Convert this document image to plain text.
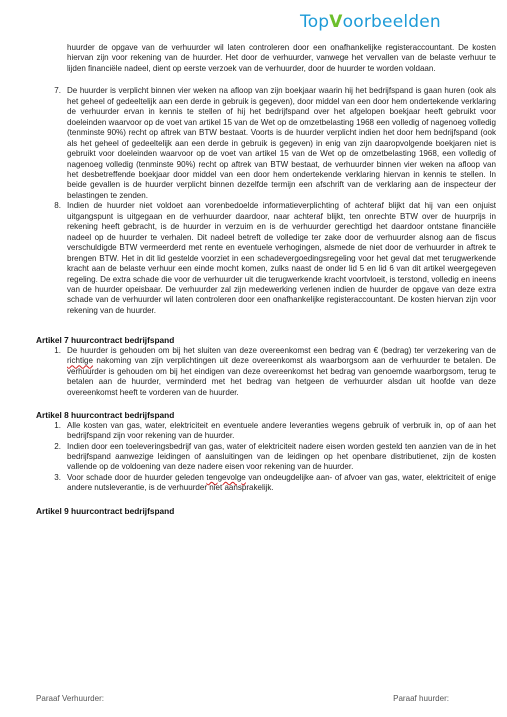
TopVoorbeelden
huurder de opgave van de verhuurder wil laten controleren door een onafhankelijke registeraccountant. De kosten hiervan zijn voor rekening van de huurder. Het door de verhuurder, vanwege het vervallen van de belaste verhuur te lijden financiële nadeel, dient op eerste verzoek van de verhuurder, door de huurder te worden voldaan.
7. De huurder is verplicht binnen vier weken na afloop van zijn boekjaar waarin hij het bedrijfspand is gaan huren (ook als het geheel of gedeeltelijk aan een derde in gebruik is gegeven), door middel van een door hem ondertekende verklaring de verhuurder ervan in kennis te stellen of hij het bedrijfspand over het afgelopen boekjaar heeft gebruikt voor doeleinden waarvoor op de voet van artikel 15 van de Wet op de omzetbelasting 1968 een volledig of nagenoeg volledig (tenminste 90%) recht op aftrek van BTW bestaat. Voorts is de huurder verplicht indien het door hem bedrijfspand (ook als het geheel of gedeeltelijk aan een derde in gebruik is gegeven) in enig van zijn daaropvolgende boekjaren niet is gebruikt voor doeleinden waarvoor op de voet van artikel 15 van de Wet op de omzetbelasting 1968, een volledig of nagenoeg volledig (tenminste 90%) recht op aftrek van BTW bestaat, de verhuurder binnen vier weken na afloop van het desbetreffende boekjaar door middel van een door hem ondertekende verklaring hiervan in kennis te stellen. In beide gevallen is de huurder verplicht binnen dezelfde termijn een afschrift van de verklaring aan de inspecteur der belastingen te zenden.
8. Indien de huurder niet voldoet aan vorenbedoelde informatieverplichting of achteraf blijkt dat hij van een onjuist uitgangspunt is uitgegaan en de verhuurder daardoor, naar achteraf blijkt, ten onrechte BTW over de huurprijs in rekening heeft gebracht, is de huurder in verzuim en is de verhuurder gerechtigd het daardoor ontstane financiële nadeel op de huurder te verhalen. Dit nadeel betreft de volledige ter zake door de verhuurder alsnog aan de fiscus verschuldigde BTW vermeerderd met rente en eventuele verhogingen, alsmede de niet door de verhuurder in aftrek te brengen BTW. Het in dit lid gestelde voorziet in een schadevergoedingsregeling voor het geval dat met terugwerkende kracht aan de belaste verhuur een einde mocht komen, zulks naast de onder lid 5 en lid 6 van dit artikel weergegeven regeling. De extra schade die voor de verhuurder uit die terugwerkende kracht voortvloeit, is terstond, volledig en ineens van de huurder opeisbaar. De verhuurder zal zijn medewerking verlenen indien de huurder de opgave van deze extra schade van de verhuurder wil laten controleren door een onafhankelijke registeraccountant. De kosten hiervan zijn voor rekening van de huurder.
Artikel 7 huurcontract bedrijfspand
1. De huurder is gehouden om bij het sluiten van deze overeenkomst een bedrag van € (bedrag) ter verzekering van de richtige nakoming van zijn verplichtingen uit deze overeenkomst als waarborgsom aan de verhuurder te betalen. De verhuurder is gehouden om bij het eindigen van deze overeenkomst het bedrag van genoemde waarborgsom, terug te betalen aan de huurder, verminderd met het bedrag van hetgeen de verhuurder alsdan uit hoofde van deze overeenkomst heeft te vorderen van de huurder.
Artikel 8 huurcontract bedrijfspand
1. Alle kosten van gas, water, elektriciteit en eventuele andere leveranties wegens gebruik of verbruik in, op of aan het bedrijfspand zijn voor rekening van de huurder.
2. Indien door een toeleveringsbedrijf van gas, water of elektriciteit nadere eisen worden gesteld ten aanzien van de in het bedrijfspand aanwezige leidingen of aansluitingen van de leidingen op het openbare distributienet, zijn de kosten vallende op de voldoening van deze nadere eisen voor rekening van de huurder.
3. Voor schade door de huurder geleden tengevolge van ondeugdelijke aan- of afvoer van gas, water, elektriciteit of enige andere nutsleverantie, is de verhuurder niet aansprakelijk.
Artikel 9 huurcontract bedrijfspand
Paraaf Verhuurder:	Paraaf huurder:
